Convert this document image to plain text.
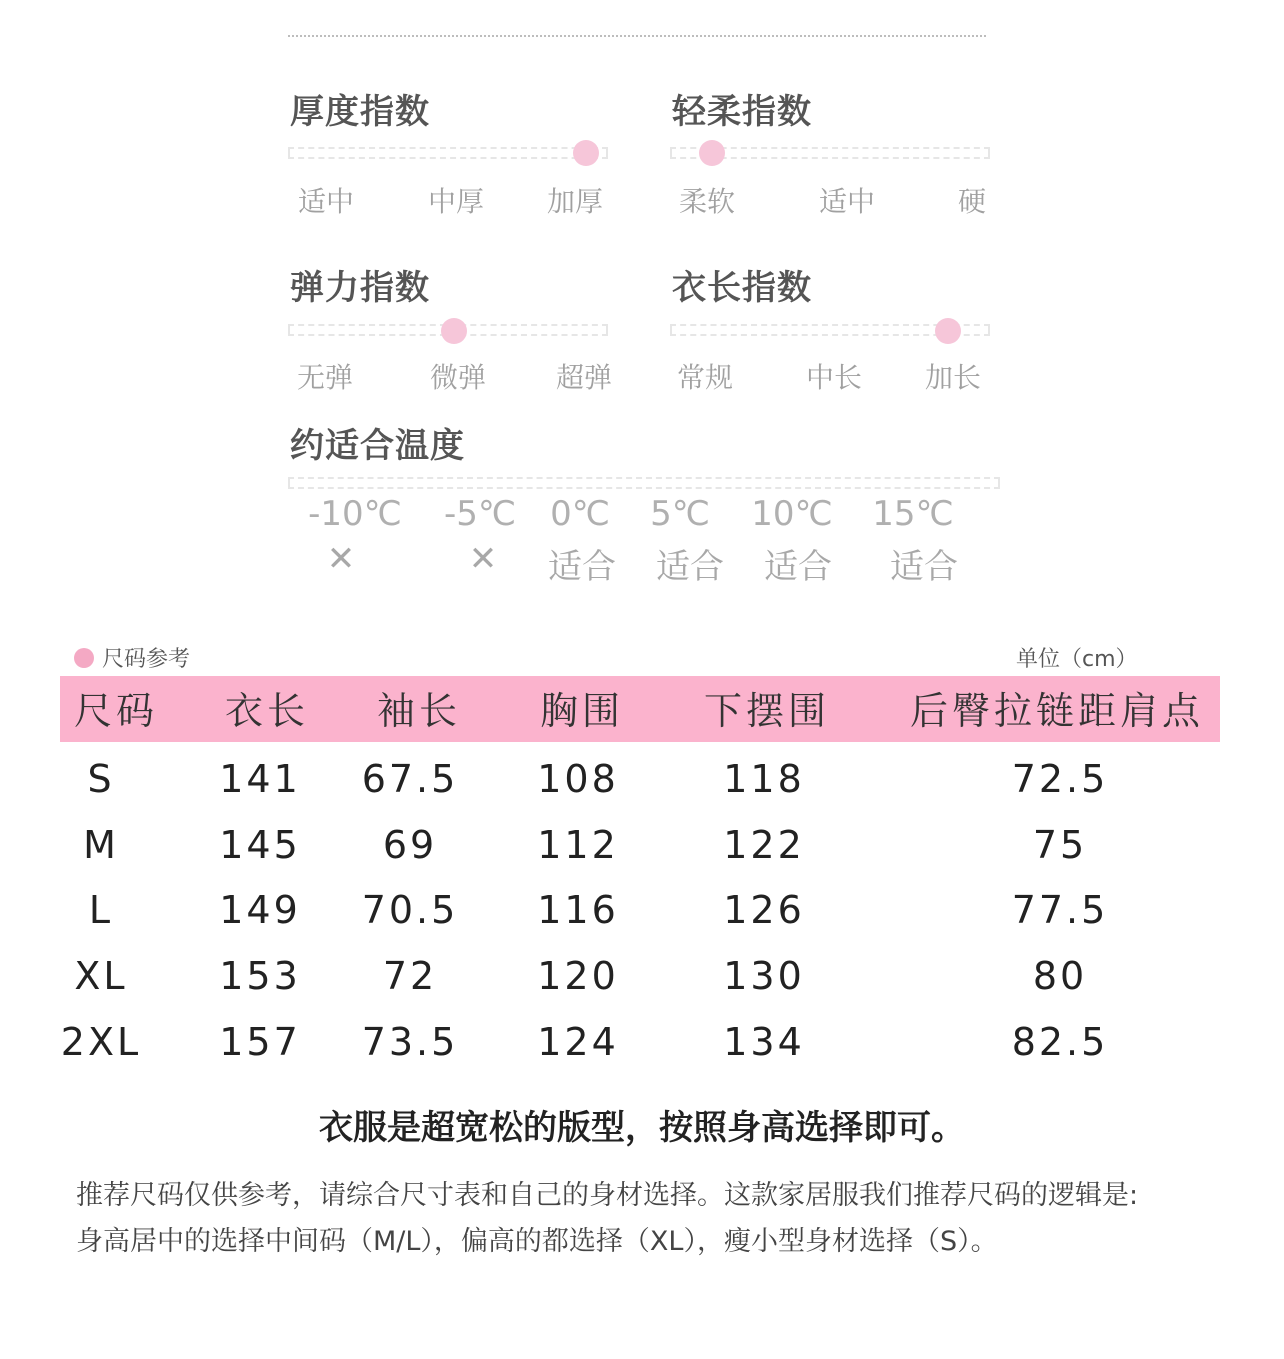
厚度指数
适中	中厚 加厚
轻柔指数
柔软	适中	硬
弹力指数
无弹	微弹 超弹
衣长指数
常规	中长 加长
约适合温度
-10℃ -5℃ 0℃ 5℃ 10℃ 15℃
✕	✕ 适合 适合 适合 适合
尺码参考	单位（cm）
尺码 衣长 袖长 胸围 下摆围 后臀拉链距肩点
S	141 67.5 108	118	72.5
M	145 69	112	122	75
L	149 70.5 116	126	77.5
XL 153 72	120	130	80
2XL 157 73.5 124	134	82.5
衣服是超宽松的版型，按照身高选择即可。
推荐尺码仅供参考，请综合尺寸表和自己的身材选择。这款家居服我们推荐尺码的逻辑是:
身高居中的选择中间码（M/L），偏高的都选择（XL），瘦小型身材选择（S）。
